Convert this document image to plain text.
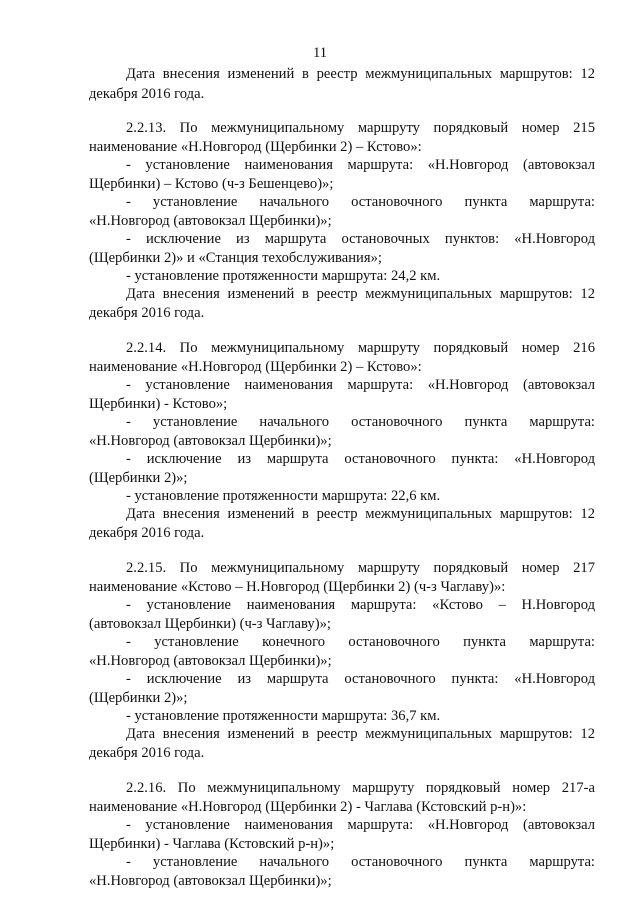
11
Дата внесения изменений в реестр межмуниципальных маршрутов: 12
декабря 2016 года.
2.2.13. По межмуниципальному маршруту порядковый номер 215
наименование «Н.Новгород (Щербинки 2) – Кстово»:
- установление наименования маршрута: «Н.Новгород (автовокзал
Щербинки) – Кстово (ч-з Бешенцево)»;
- установление начального остановочного пункта маршрута:
«Н.Новгород (автовокзал Щербинки)»;
- исключение из маршрута остановочных пунктов: «Н.Новгород
(Щербинки 2)» и «Станция техобслуживания»;
- установление протяженности маршрута: 24,2 км.
Дата внесения изменений в реестр межмуниципальных маршрутов: 12
декабря 2016 года.
2.2.14. По межмуниципальному маршруту порядковый номер 216
наименование «Н.Новгород (Щербинки 2) – Кстово»:
- установление наименования маршрута: «Н.Новгород (автовокзал
Щербинки) - Кстово»;
- установление начального остановочного пункта маршрута:
«Н.Новгород (автовокзал Щербинки)»;
- исключение из маршрута остановочного пункта: «Н.Новгород
(Щербинки 2)»;
- установление протяженности маршрута: 22,6 км.
Дата внесения изменений в реестр межмуниципальных маршрутов: 12
декабря 2016 года.
2.2.15. По межмуниципальному маршруту порядковый номер 217
наименование «Кстово – Н.Новгород (Щербинки 2) (ч-з Чаглаву)»:
- установление наименования маршрута: «Кстово – Н.Новгород
(автовокзал Щербинки) (ч-з Чаглаву)»;
- установление конечного остановочного пункта маршрута:
«Н.Новгород (автовокзал Щербинки)»;
- исключение из маршрута остановочного пункта: «Н.Новгород
(Щербинки 2)»;
- установление протяженности маршрута: 36,7 км.
Дата внесения изменений в реестр межмуниципальных маршрутов: 12
декабря 2016 года.
2.2.16. По межмуниципальному маршруту порядковый номер 217-а
наименование «Н.Новгород (Щербинки 2) - Чаглава (Кстовский р-н)»:
- установление наименования маршрута: «Н.Новгород (автовокзал
Щербинки) - Чаглава (Кстовский р-н)»;
- установление начального остановочного пункта маршрута:
«Н.Новгород (автовокзал Щербинки)»;
